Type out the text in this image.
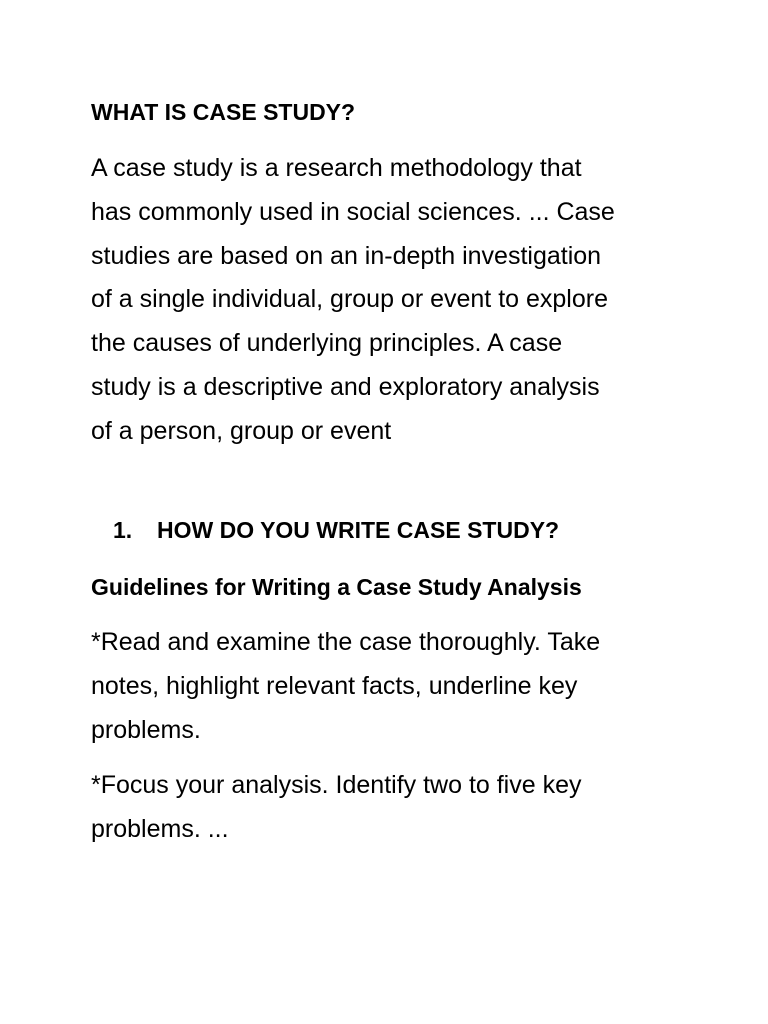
WHAT IS CASE STUDY?
A case study is a research methodology that
has commonly used in social sciences. ... Case
studies are based on an in-depth investigation
of a single individual, group or event to explore
the causes of underlying principles. A case
study is a descriptive and exploratory analysis
of a person, group or event
1. HOW DO YOU WRITE CASE STUDY?
Guidelines for Writing a Case Study Analysis
*Read and examine the case thoroughly. Take
notes, highlight relevant facts, underline key
problems.
*Focus your analysis. Identify two to five key
problems. ...
